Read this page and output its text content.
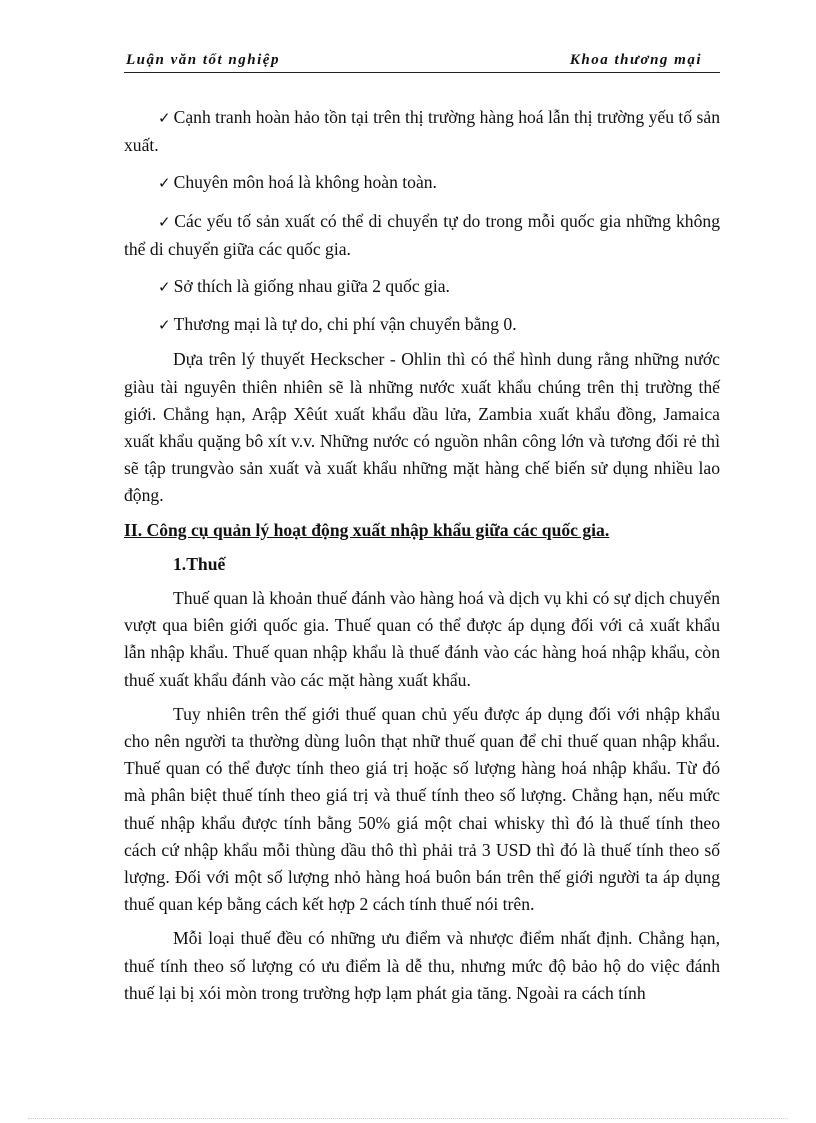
Luận văn tốt nghiệp	Khoa thương mại

✓ Cạnh tranh hoàn hảo tồn tại trên thị trường hàng hoá lẫn thị trường yếu tố sản xuất.

✓ Chuyên môn hoá là không hoàn toàn.

✓ Các yếu tố sản xuất có thể di chuyển tự do trong mỗi quốc gia những không thể di chuyển giữa các quốc gia.

✓ Sở thích là giống nhau giữa 2 quốc gia.

✓ Thương mại là tự do, chi phí vận chuyển bằng 0.

Dựa trên lý thuyết Heckscher - Ohlin thì có thể hình dung rằng những nước giàu tài nguyên thiên nhiên sẽ là những nước xuất khẩu chúng trên thị trường thế giới. Chẳng hạn, Arập Xêút xuất khẩu dầu lửa, Zambia xuất khẩu đồng, Jamaica xuất khẩu quặng bô xít v.v. Những nước có nguồn nhân công lớn và tương đối rẻ thì sẽ tập trungvào sản xuất và xuất khẩu những mặt hàng chế biến sử dụng nhiều lao động.

II. Công cụ quản lý hoạt động xuất nhập khẩu giữa các quốc gia.

1.Thuế

Thuế quan là khoản thuế đánh vào hàng hoá và dịch vụ khi có sự dịch chuyển vượt qua biên giới quốc gia. Thuế quan có thể được áp dụng đối với cả xuất khẩu lẫn nhập khẩu. Thuế quan nhập khẩu là thuế đánh vào các hàng hoá nhập khẩu, còn thuế xuất khẩu đánh vào các mặt hàng xuất khẩu.

Tuy nhiên trên thế giới thuế quan chủ yếu được áp dụng đối với nhập khẩu cho nên người ta thường dùng luôn thạt nhữ thuế quan để chỉ thuế quan nhập khẩu. Thuế quan có thể được tính theo giá trị hoặc số lượng hàng hoá nhập khẩu. Từ đó mà phân biệt thuế tính theo giá trị và thuế tính theo số lượng. Chẳng hạn, nếu mức thuế nhập khẩu được tính bằng 50% giá một chai whisky thì đó là thuế tính theo cách cứ nhập khẩu mỗi thùng dầu thô thì phải trả 3 USD thì đó là thuế tính theo số lượng. Đối với một số lượng nhỏ hàng hoá buôn bán trên thế giới người ta áp dụng thuế quan kép bằng cách kết hợp 2 cách tính thuế nói trên.

Mỗi loại thuế đều có những ưu điểm và nhược điểm nhất định. Chẳng hạn, thuế tính theo số lượng có ưu điểm là dễ thu, nhưng mức độ bảo hộ do việc đánh thuế lại bị xói mòn trong trường hợp lạm phát gia tăng. Ngoài ra cách tính
